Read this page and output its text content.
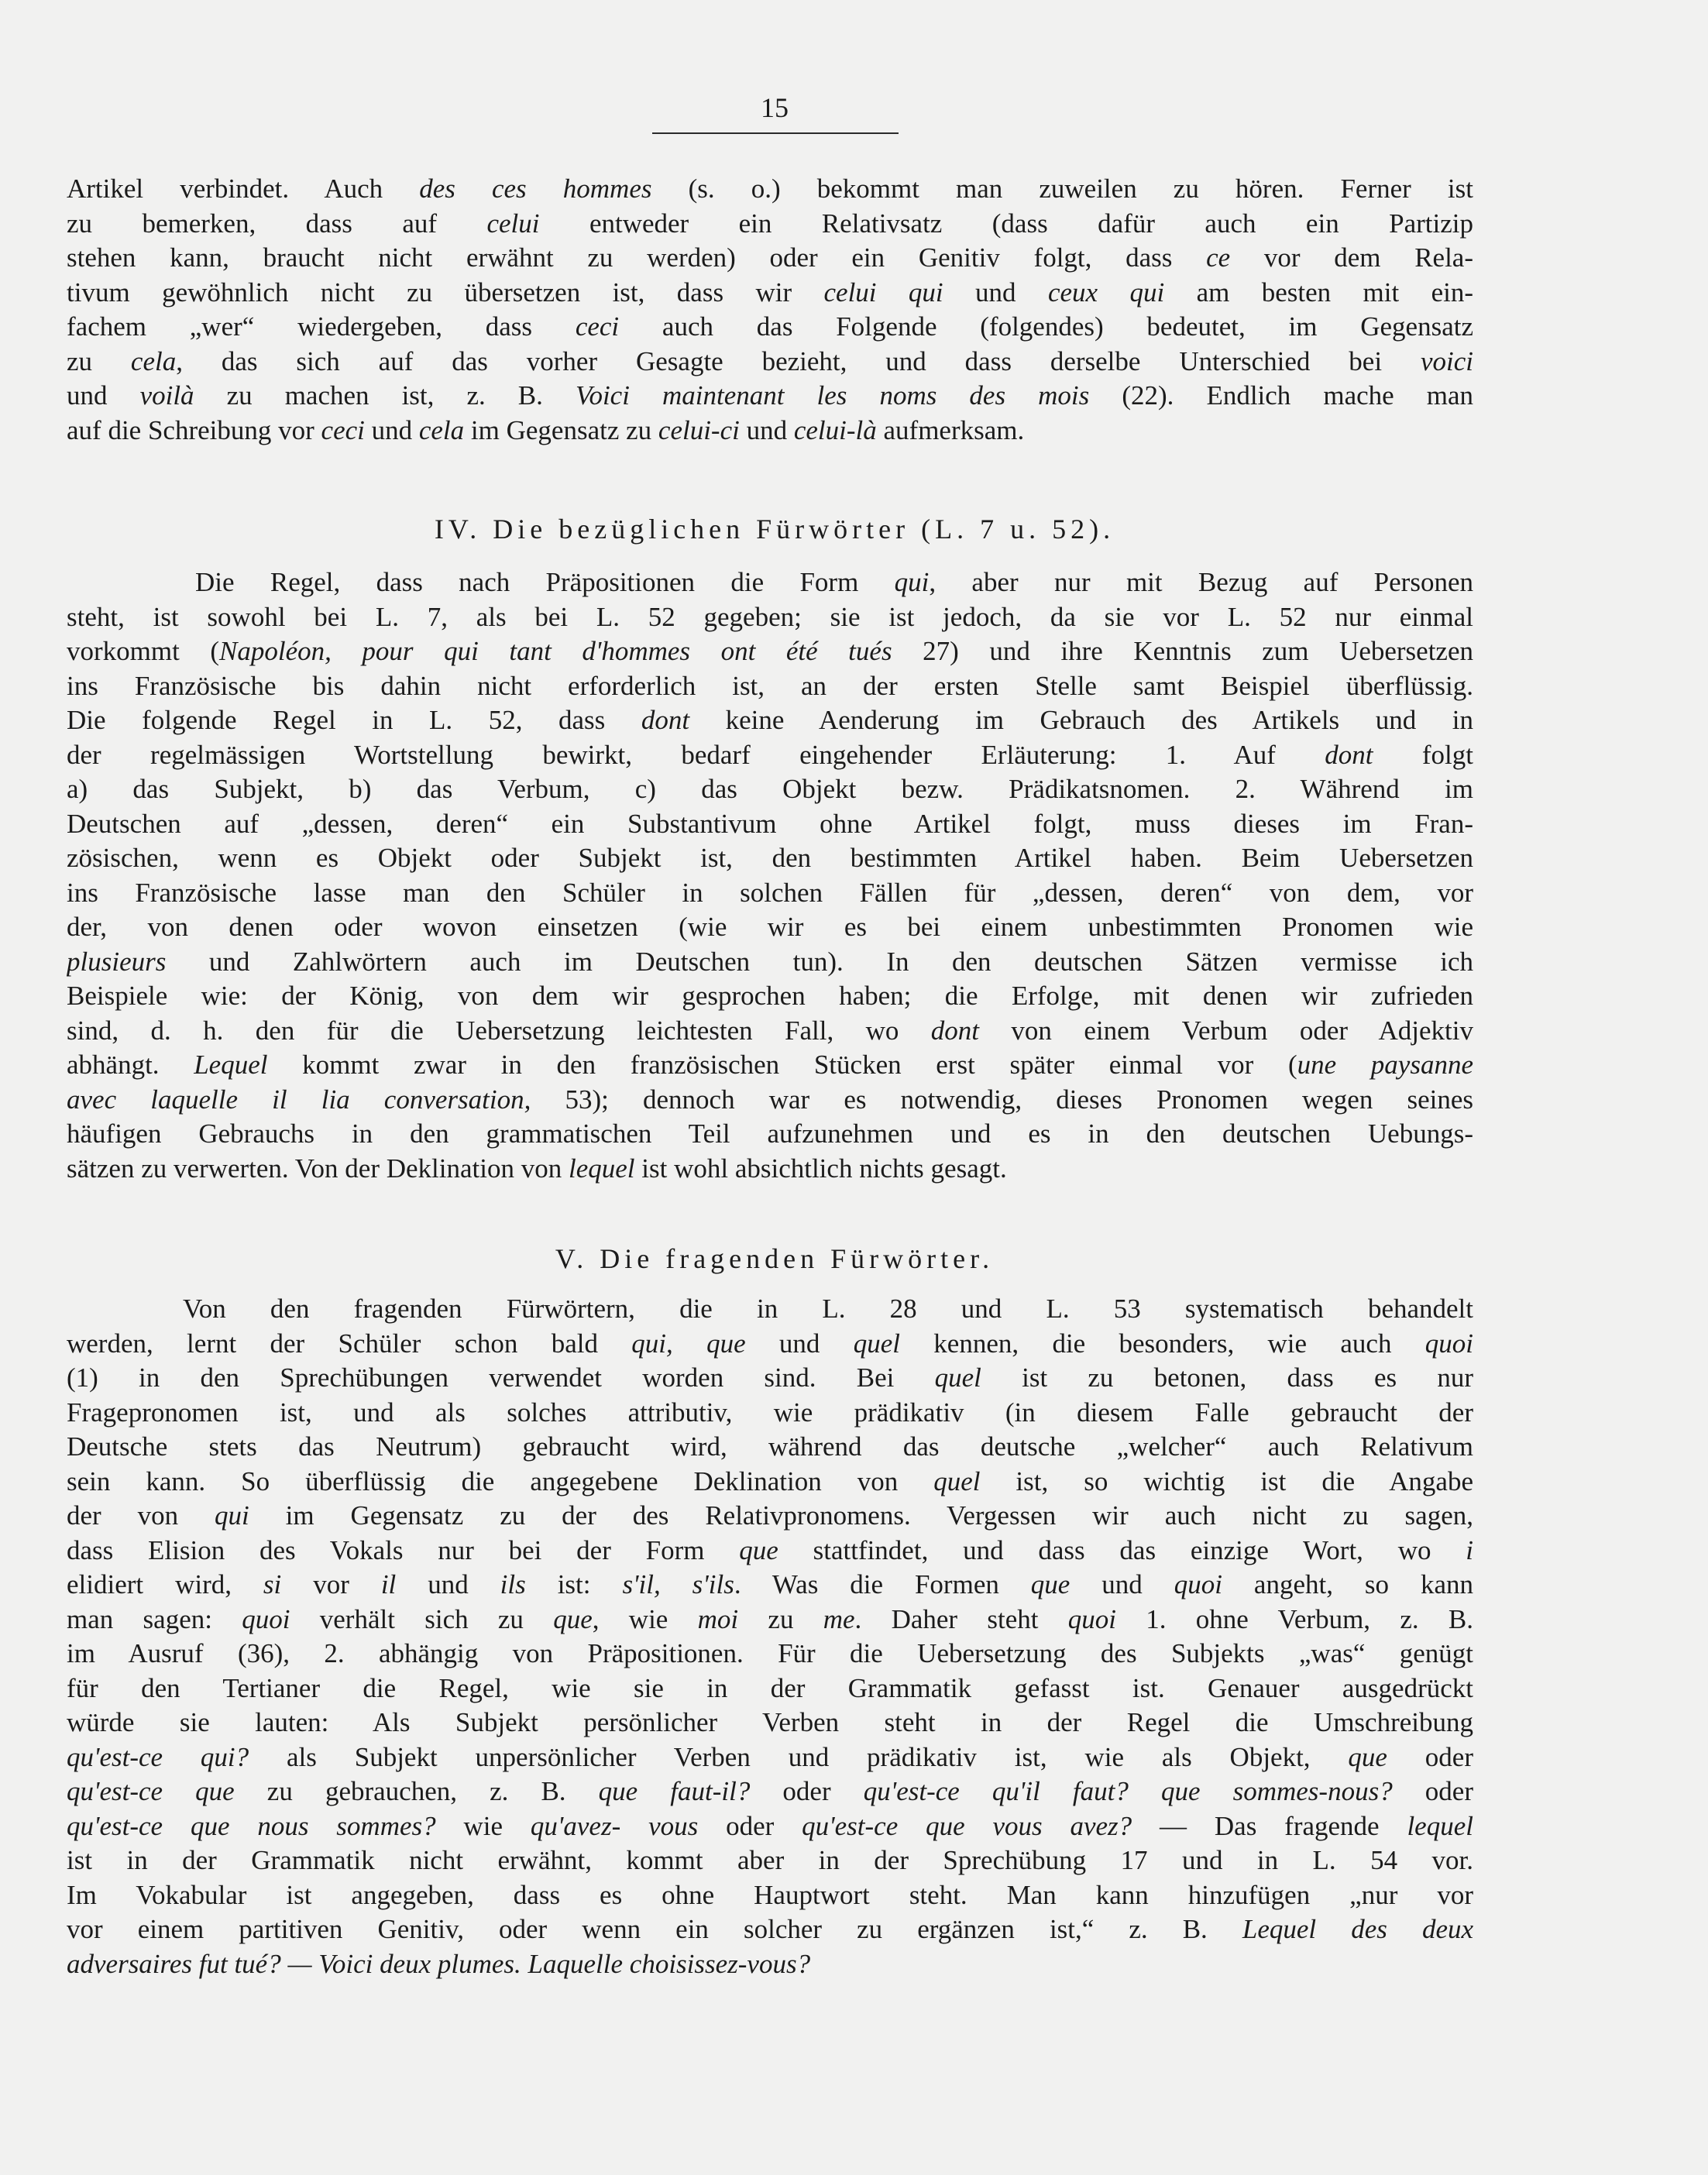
15
Artikel verbindet. Auch des ces hommes (s. o.) bekommt man zuweilen zu hören. Ferner ist
zu bemerken, dass auf celui entweder ein Relativsatz (dass dafür auch ein Partizip
stehen kann, braucht nicht erwähnt zu werden) oder ein Genitiv folgt, dass ce vor dem Rela-
tivum gewöhnlich nicht zu übersetzen ist, dass wir celui qui und ceux qui am besten mit ein-
fachem „wer“ wiedergeben, dass ceci auch das Folgende (folgendes) bedeutet, im Gegensatz
zu cela, das sich auf das vorher Gesagte bezieht, und dass derselbe Unterschied bei voici
und voilà zu machen ist, z. B. Voici maintenant les noms des mois (22). Endlich mache man
auf die Schreibung vor ceci und cela im Gegensatz zu celui-ci und celui-là aufmerksam.
IV. Die bezüglichen Fürwörter (L. 7 u. 52).
Die Regel, dass nach Präpositionen die Form qui, aber nur mit Bezug auf Personen
steht, ist sowohl bei L. 7, als bei L. 52 gegeben; sie ist jedoch, da sie vor L. 52 nur einmal
vorkommt (Napoléon, pour qui tant d'hommes ont été tués 27) und ihre Kenntnis zum Uebersetzen
ins Französische bis dahin nicht erforderlich ist, an der ersten Stelle samt Beispiel überflüssig.
Die folgende Regel in L. 52, dass dont keine Aenderung im Gebrauch des Artikels und in
der regelmässigen Wortstellung bewirkt, bedarf eingehender Erläuterung: 1. Auf dont folgt
a) das Subjekt, b) das Verbum, c) das Objekt bezw. Prädikatsnomen. 2. Während im
Deutschen auf „dessen, deren“ ein Substantivum ohne Artikel folgt, muss dieses im Fran-
zösischen, wenn es Objekt oder Subjekt ist, den bestimmten Artikel haben. Beim Uebersetzen
ins Französische lasse man den Schüler in solchen Fällen für „dessen, deren“ von dem, vor
der, von denen oder wovon einsetzen (wie wir es bei einem unbestimmten Pronomen wie
plusieurs und Zahlwörtern auch im Deutschen tun). In den deutschen Sätzen vermisse ich
Beispiele wie: der König, von dem wir gesprochen haben; die Erfolge, mit denen wir zufrieden
sind, d. h. den für die Uebersetzung leichtesten Fall, wo dont von einem Verbum oder Adjektiv
abhängt. Lequel kommt zwar in den französischen Stücken erst später einmal vor (une paysanne
avec laquelle il lia conversation, 53); dennoch war es notwendig, dieses Pronomen wegen seines
häufigen Gebrauchs in den grammatischen Teil aufzunehmen und es in den deutschen Uebungs-
sätzen zu verwerten. Von der Deklination von lequel ist wohl absichtlich nichts gesagt.
V. Die fragenden Fürwörter.
Von den fragenden Fürwörtern, die in L. 28 und L. 53 systematisch behandelt
werden, lernt der Schüler schon bald qui, que und quel kennen, die besonders, wie auch quoi
(1) in den Sprechübungen verwendet worden sind. Bei quel ist zu betonen, dass es nur
Fragepronomen ist, und als solches attributiv, wie prädikativ (in diesem Falle gebraucht der
Deutsche stets das Neutrum) gebraucht wird, während das deutsche „welcher“ auch Relativum
sein kann. So überflüssig die angegebene Deklination von quel ist, so wichtig ist die Angabe
der von qui im Gegensatz zu der des Relativpronomens. Vergessen wir auch nicht zu sagen,
dass Elision des Vokals nur bei der Form que stattfindet, und dass das einzige Wort, wo i
elidiert wird, si vor il und ils ist: s'il, s'ils. Was die Formen que und quoi angeht, so kann
man sagen: quoi verhält sich zu que, wie moi zu me. Daher steht quoi 1. ohne Verbum, z. B.
im Ausruf (36), 2. abhängig von Präpositionen. Für die Uebersetzung des Subjekts „was“ genügt
für den Tertianer die Regel, wie sie in der Grammatik gefasst ist. Genauer ausgedrückt
würde sie lauten: Als Subjekt persönlicher Verben steht in der Regel die Umschreibung
qu'est-ce qui? als Subjekt unpersönlicher Verben und prädikativ ist, wie als Objekt, que oder
qu'est-ce que zu gebrauchen, z. B. que faut-il? oder qu'est-ce qu'il faut? que sommes-nous? oder
qu'est-ce que nous sommes? wie qu'avez- vous oder qu'est-ce que vous avez? — Das fragende lequel
ist in der Grammatik nicht erwähnt, kommt aber in der Sprechübung 17 und in L. 54 vor.
Im Vokabular ist angegeben, dass es ohne Hauptwort steht. Man kann hinzufügen „nur vor
vor einem partitiven Genitiv, oder wenn ein solcher zu ergänzen ist,“ z. B. Lequel des deux
adversaires fut tué? — Voici deux plumes. Laquelle choisissez-vous?
